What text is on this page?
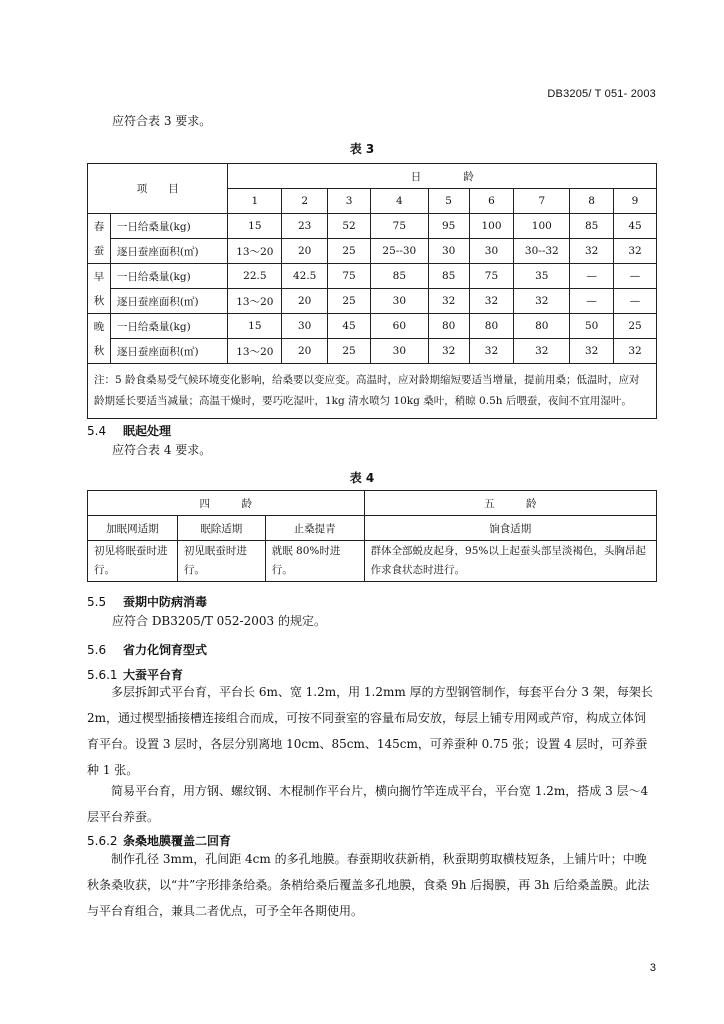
DB3205/ T 051- 2003
应符合表 3 要求。
表 3
项　　目		日　　　　龄								
		1	2	3	4	5	6	7	8	9

春
蚕	一日给桑量(kg)	15	23	52	75	95	100	100	85	45
	逐日蚕座面积(㎡)	13～20	20	25	25--30	30	30	30--32	32	32

早
秋	一日给桑量(kg)	22.5	42.5	75	85	85	75	35	—	—
	逐日蚕座面积(㎡)	13～20	20	25	30	32	32	32	—	—

晚
秋	一日给桑量(kg)	15	30	45	60	80	80	80	50	25
	逐日蚕座面积(㎡)	13～20	20	25	30	32	32	32	32	32
注：5 龄食桑易受气候环境变化影响，给桑要以变应变。高温时，应对龄期缩短要适当增量，提前用桑；低温时，应对龄期延长要适当减量；高温干燥时，要巧吃湿叶，1kg 清水喷匀 10kg 桑叶，稍晾 0.5h 后喂蚕，夜间不宜用湿叶。										
5.4 眠起处理
应符合表 4 要求。
表 4
四　　　龄			五　　　龄
加眠网适期	眠除适期	止桑提青	饷食适期
初见将眠蚕时进行。	初见眠蚕时进行。	就眠 80%时进行。	群体全部蜕皮起身，95%以上起蚕头部呈淡褐色，头胸昂起作求食状态时进行。
5.5 蚕期中防病消毒
应符合 DB3205/T 052-2003 的规定。
5.6 省力化饲育型式
5.6.1 大蚕平台育
多层拆卸式平台育，平台长 6m、宽 1.2m，用 1.2mm 厚的方型钢管制作，每套平台分 3 架，每架长 2m，通过楔型插接槽连接组合而成，可按不同蚕室的容量布局安放，每层上铺专用网或芦帘，构成立体饲育平台。设置 3 层时，各层分别离地 10cm、85cm、145cm，可养蚕种 0.75 张；设置 4 层时，可养蚕种 1 张。
简易平台育，用方钢、螺纹钢、木棍制作平台片，横向搁竹竿连成平台，平台宽 1.2m，搭成 3 层～4 层平台养蚕。
5.6.2 条桑地膜覆盖二回育
制作孔径 3mm，孔间距 4cm 的多孔地膜。春蚕期收获新梢，秋蚕期剪取横枝短条，上铺片叶；中晚秋条桑收获，以“井”字形排条给桑。条梢给桑后覆盖多孔地膜，食桑 9h 后揭膜，再 3h 后给桑盖膜。此法与平台育组合，兼具二者优点，可予全年各期使用。
3
